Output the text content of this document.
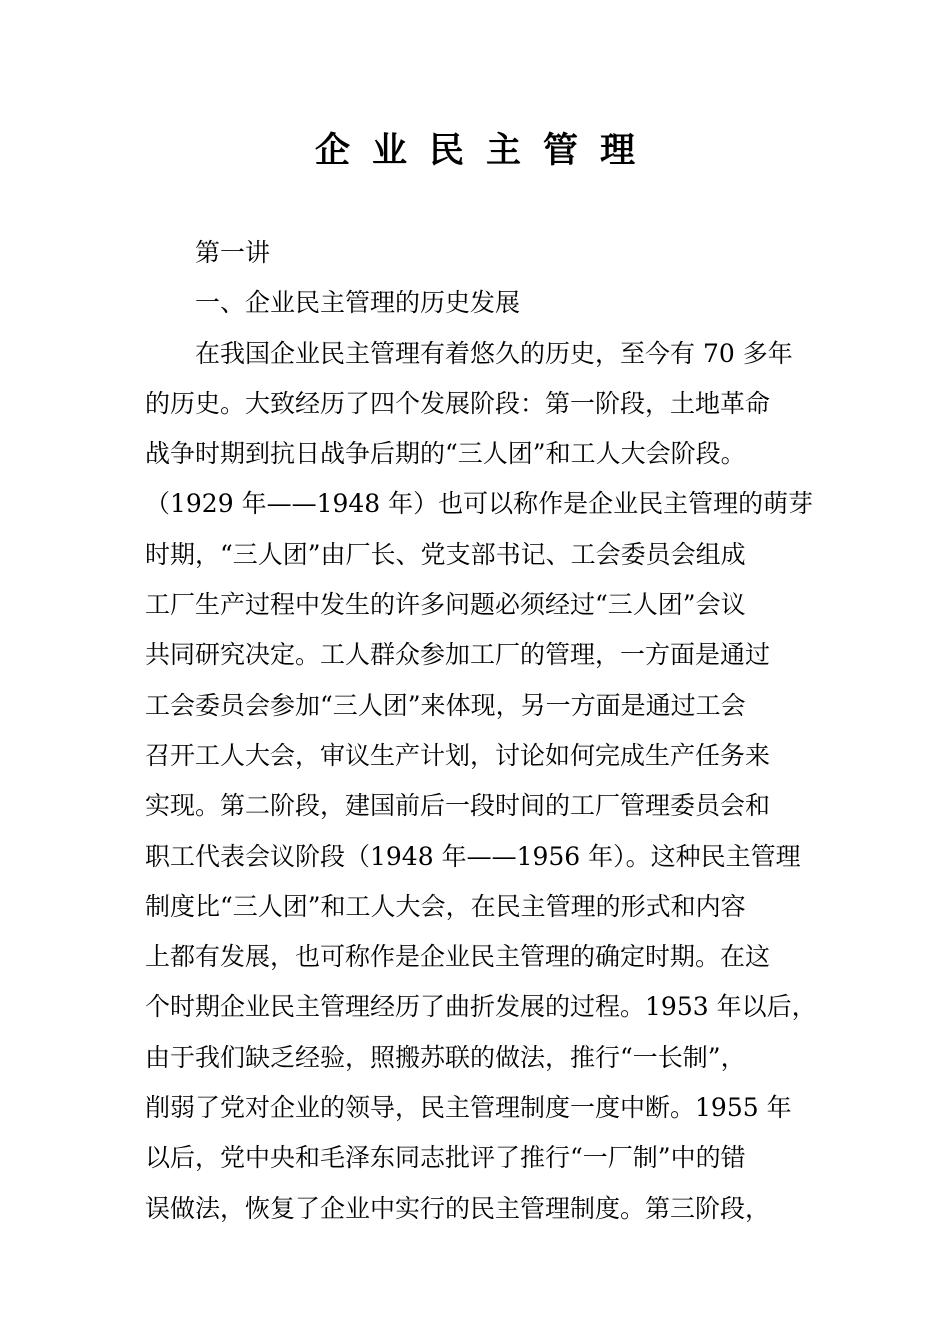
企业民主管理
第一讲
一、企业民主管理的历史发展
在我国企业民主管理有着悠久的历史，至今有 70 多年
的历史。大致经历了四个发展阶段：第一阶段，土地革命
战争时期到抗日战争后期的“三人团”和工人大会阶段。
（1929 年——1948 年）也可以称作是企业民主管理的萌芽
时期，“三人团”由厂长、党支部书记、工会委员会组成
工厂生产过程中发生的许多问题必须经过“三人团”会议
共同研究决定。工人群众参加工厂的管理，一方面是通过
工会委员会参加“三人团”来体现，另一方面是通过工会
召开工人大会，审议生产计划，讨论如何完成生产任务来
实现。第二阶段，建国前后一段时间的工厂管理委员会和
职工代表会议阶段（1948 年——1956 年）。这种民主管理
制度比“三人团”和工人大会，在民主管理的形式和内容
上都有发展，也可称作是企业民主管理的确定时期。在这
个时期企业民主管理经历了曲折发展的过程。1953 年以后，
由于我们缺乏经验，照搬苏联的做法，推行“一长制”，
削弱了党对企业的领导，民主管理制度一度中断。1955 年
以后，党中央和毛泽东同志批评了推行“一厂制”中的错
误做法，恢复了企业中实行的民主管理制度。第三阶段，
